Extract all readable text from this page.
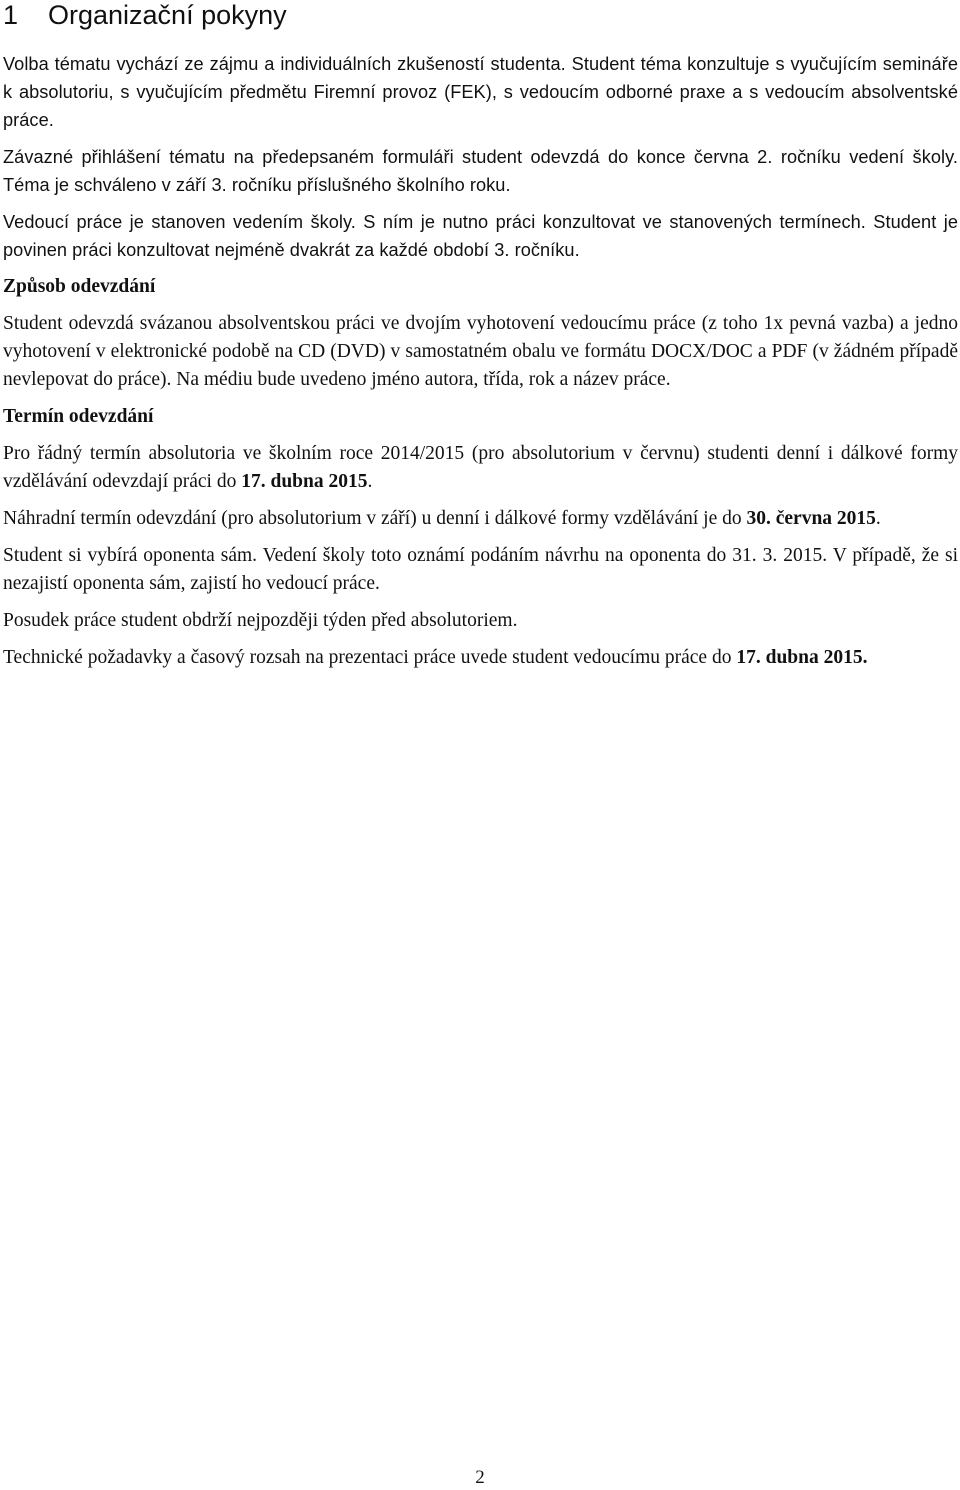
1 Organizační pokyny

Volba tématu vychází ze zájmu a individuálních zkušeností studenta. Student téma konzultuje s vyučujícím semináře k absolutoriu, s vyučujícím předmětu Firemní provoz (FEK), s vedoucím odborné praxe a s vedoucím absolventské práce.

Závazné přihlášení tématu na předepsaném formuláři student odevzdá do konce června 2. ročníku vedení školy. Téma je schváleno v září 3. ročníku příslušného školního roku.

Vedoucí práce je stanoven vedením školy. S ním je nutno práci konzultovat ve stanovených termínech. Student je povinen práci konzultovat nejméně dvakrát za každé období 3. ročníku.

Způsob odevzdání

Student odevzdá svázanou absolventskou práci ve dvojím vyhotovení vedoucímu práce (z toho 1x pevná vazba) a jedno vyhotovení v elektronické podobě na CD (DVD) v samostatném obalu ve formátu DOCX/DOC a PDF (v žádném případě nevlepovat do práce). Na médiu bude uvedeno jméno autora, třída, rok a název práce.

Termín odevzdání

Pro řádný termín absolutoria ve školním roce 2014/2015 (pro absolutorium v červnu) studenti denní i dálkové formy vzdělávání odevzdají práci do 17. dubna 2015.

Náhradní termín odevzdání (pro absolutorium v září) u denní i dálkové formy vzdělávání je do 30. června 2015.

Student si vybírá oponenta sám. Vedení školy toto oznámí podáním návrhu na oponenta do 31. 3. 2015. V případě, že si nezajistí oponenta sám, zajistí ho vedoucí práce.

Posudek práce student obdrží nejpozději týden před absolutoriem.

Technické požadavky a časový rozsah na prezentaci práce uvede student vedoucímu práce do 17. dubna 2015.

2
